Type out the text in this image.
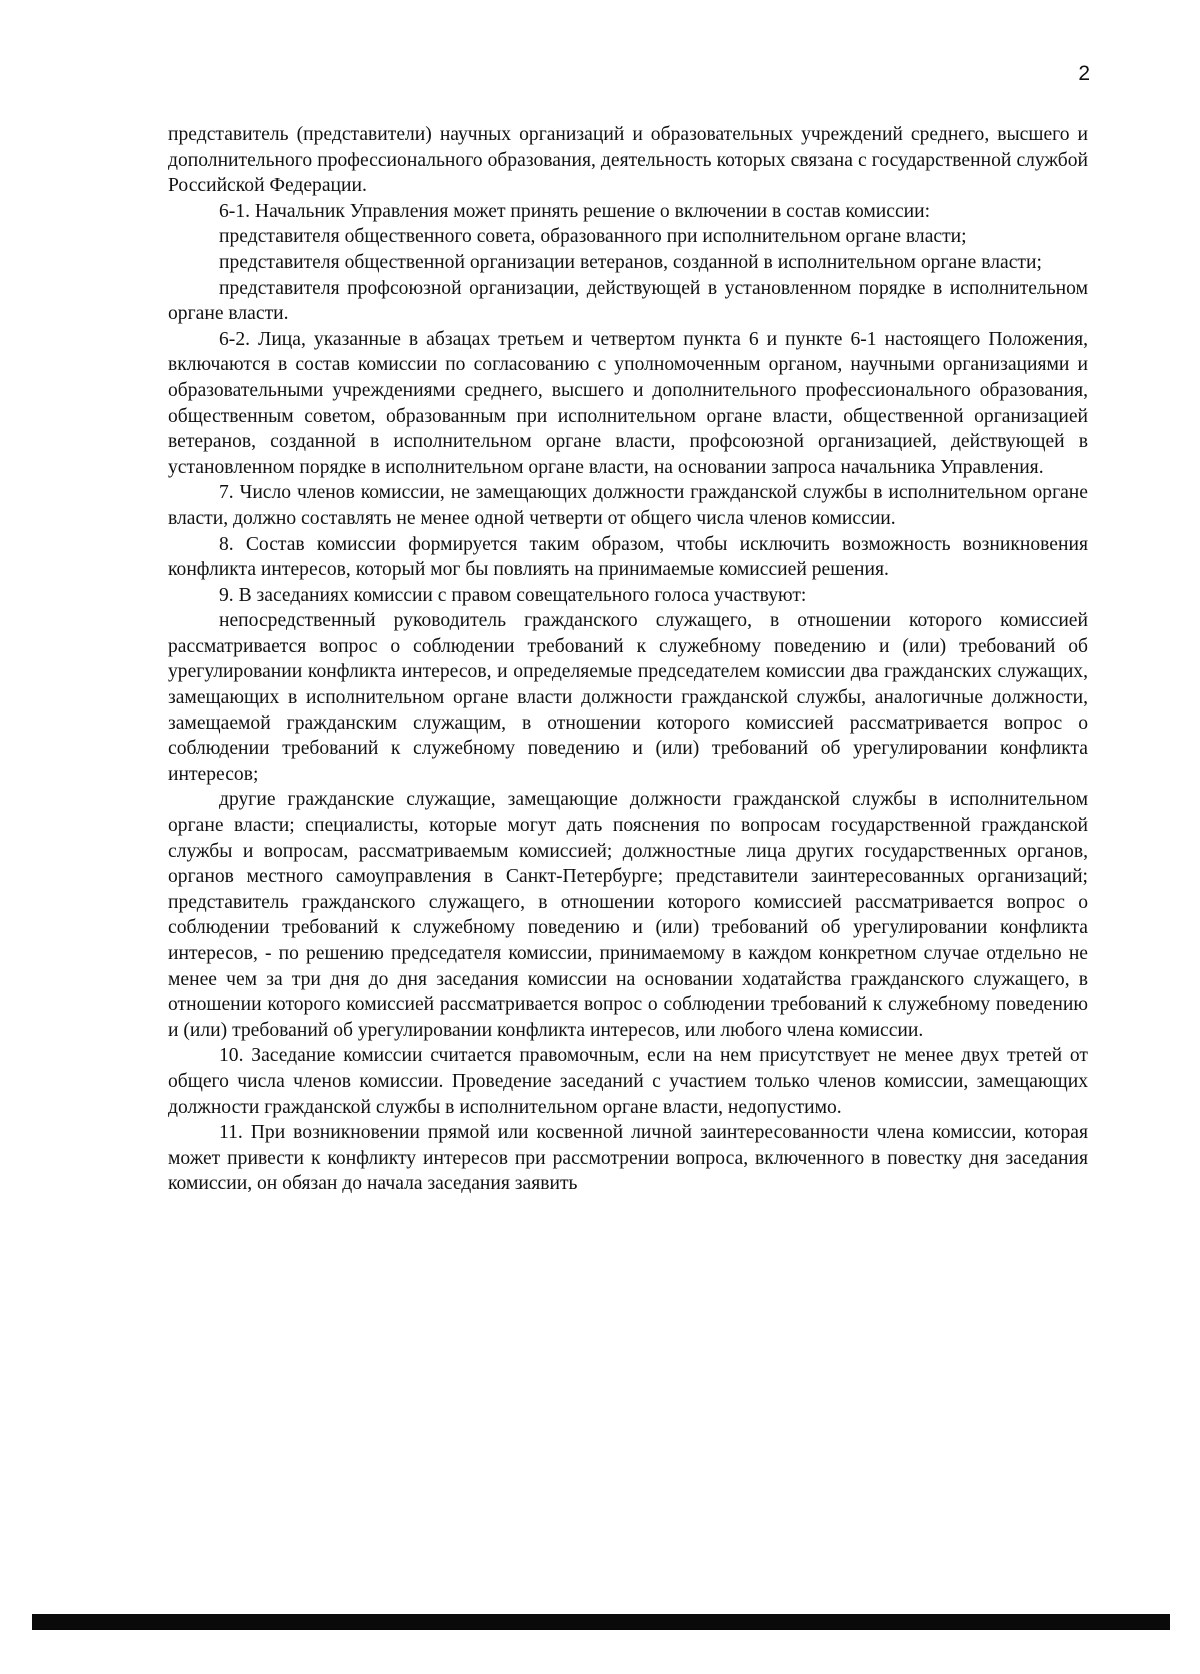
2

представитель (представители) научных организаций и образовательных учреждений среднего, высшего и дополнительного профессионального образования, деятельность которых связана с государственной службой Российской Федерации.

6-1. Начальник Управления может принять решение о включении в состав комиссии:

представителя общественного совета, образованного при исполнительном органе власти;

представителя общественной организации ветеранов, созданной в исполнительном органе власти;

представителя профсоюзной организации, действующей в установленном порядке в исполнительном органе власти.

6-2. Лица, указанные в абзацах третьем и четвертом пункта 6 и пункте 6-1 настоящего Положения, включаются в состав комиссии по согласованию с уполномоченным органом, научными организациями и образовательными учреждениями среднего, высшего и дополнительного профессионального образования, общественным советом, образованным при исполнительном органе власти, общественной организацией ветеранов, созданной в исполнительном органе власти, профсоюзной организацией, действующей в установленном порядке в исполнительном органе власти, на основании запроса начальника Управления.

7. Число членов комиссии, не замещающих должности гражданской службы в исполнительном органе власти, должно составлять не менее одной четверти от общего числа членов комиссии.

8. Состав комиссии формируется таким образом, чтобы исключить возможность возникновения конфликта интересов, который мог бы повлиять на принимаемые комиссией решения.

9. В заседаниях комиссии с правом совещательного голоса участвуют:

непосредственный руководитель гражданского служащего, в отношении которого комиссией рассматривается вопрос о соблюдении требований к служебному поведению и (или) требований об урегулировании конфликта интересов, и определяемые председателем комиссии два гражданских служащих, замещающих в исполнительном органе власти должности гражданской службы, аналогичные должности, замещаемой гражданским служащим, в отношении которого комиссией рассматривается вопрос о соблюдении требований к служебному поведению и (или) требований об урегулировании конфликта интересов;

другие гражданские служащие, замещающие должности гражданской службы в исполнительном органе власти; специалисты, которые могут дать пояснения по вопросам государственной гражданской службы и вопросам, рассматриваемым комиссией; должностные лица других государственных органов, органов местного самоуправления в Санкт-Петербурге; представители заинтересованных организаций; представитель гражданского служащего, в отношении которого комиссией рассматривается вопрос о соблюдении требований к служебному поведению и (или) требований об урегулировании конфликта интересов, - по решению председателя комиссии, принимаемому в каждом конкретном случае отдельно не менее чем за три дня до дня заседания комиссии на основании ходатайства гражданского служащего, в отношении которого комиссией рассматривается вопрос о соблюдении требований к служебному поведению и (или) требований об урегулировании конфликта интересов, или любого члена комиссии.

10. Заседание комиссии считается правомочным, если на нем присутствует не менее двух третей от общего числа членов комиссии. Проведение заседаний с участием только членов комиссии, замещающих должности гражданской службы в исполнительном органе власти, недопустимо.

11. При возникновении прямой или косвенной личной заинтересованности члена комиссии, которая может привести к конфликту интересов при рассмотрении вопроса, включенного в повестку дня заседания комиссии, он обязан до начала заседания заявить
